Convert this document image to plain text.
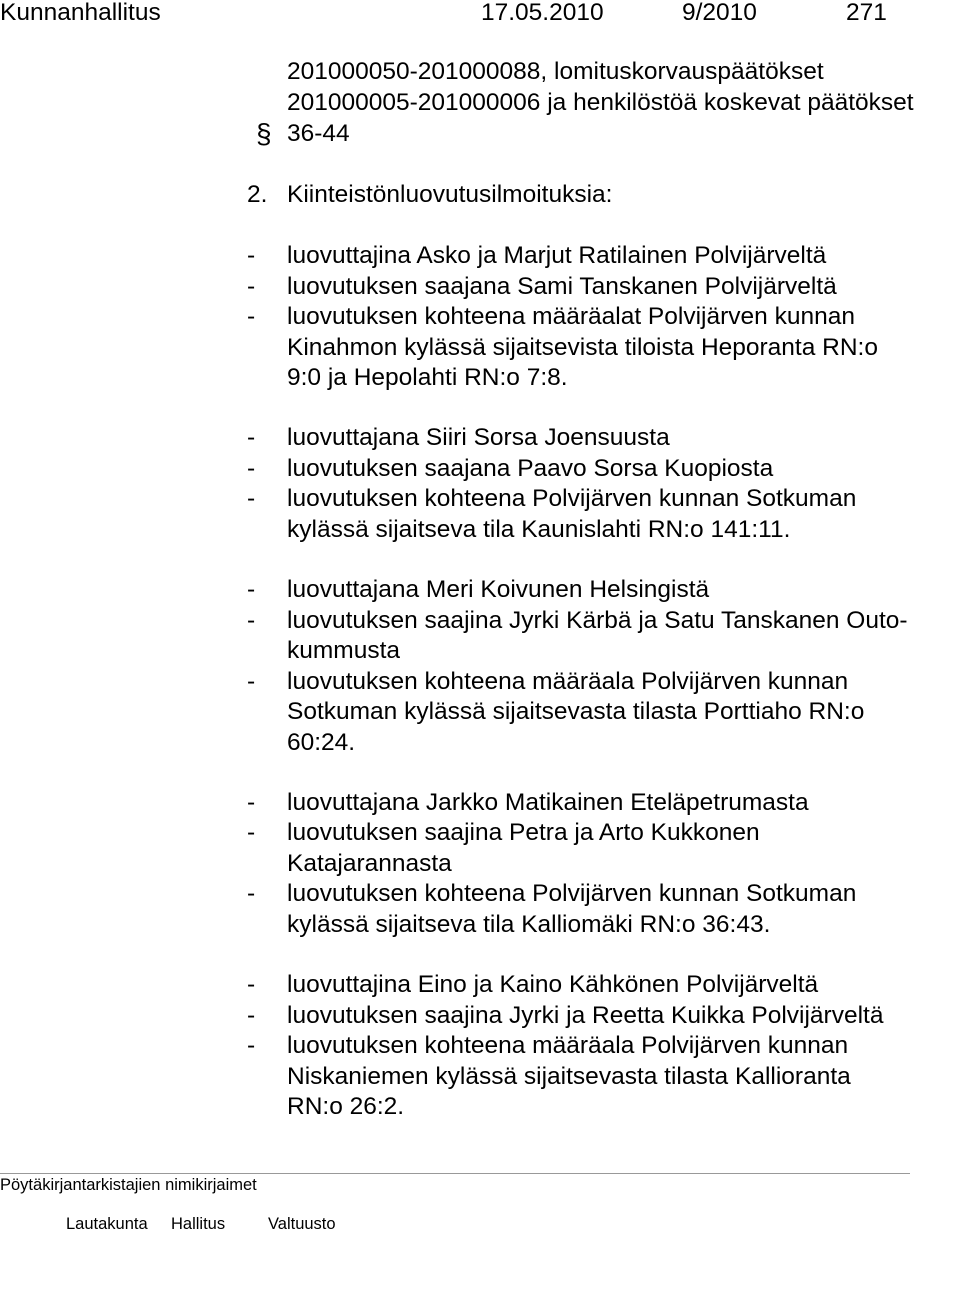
Kunnanhallitus	17.05.2010	9/2010	271
201000050-201000088, lomituskorvauspäätökset
201000005-201000006 ja henkilöstöä koskevat päätökset
§ 36-44
2. Kiinteistönluovutusilmoituksia:
-	luovuttajina Asko ja Marjut Ratilainen Polvijärveltä
-	luovutuksen saajana Sami Tanskanen Polvijärveltä
-	luovutuksen kohteena määräalat Polvijärven kunnan
Kinahmon kylässä sijaitsevista tiloista Heporanta RN:o
9:0 ja Hepolahti RN:o 7:8.
-	luovuttajana Siiri Sorsa Joensuusta
-	luovutuksen saajana Paavo Sorsa Kuopiosta
-	luovutuksen kohteena Polvijärven kunnan Sotkuman
kylässä sijaitseva tila Kaunislahti RN:o 141:11.
-	luovuttajana Meri Koivunen Helsingistä
-	luovutuksen saajina Jyrki Kärbä ja Satu Tanskanen Outo-
kummusta
-	luovutuksen kohteena määräala Polvijärven kunnan
Sotkuman kylässä sijaitsevasta tilasta Porttiaho RN:o
60:24.
-	luovuttajana Jarkko Matikainen Eteläpetrumasta
-	luovutuksen saajina Petra ja Arto Kukkonen
Katajarannasta
-	luovutuksen kohteena Polvijärven kunnan Sotkuman
kylässä sijaitseva tila Kalliomäki RN:o 36:43.
-	luovuttajina Eino ja Kaino Kähkönen Polvijärveltä
-	luovutuksen saajina Jyrki ja Reetta Kuikka Polvijärveltä
-	luovutuksen kohteena määräala Polvijärven kunnan
Niskaniemen kylässä sijaitsevasta tilasta Kallioranta
RN:o 26:2.
Pöytäkirjantarkistajien nimikirjaimet
Lautakunta Hallitus	Valtuusto
